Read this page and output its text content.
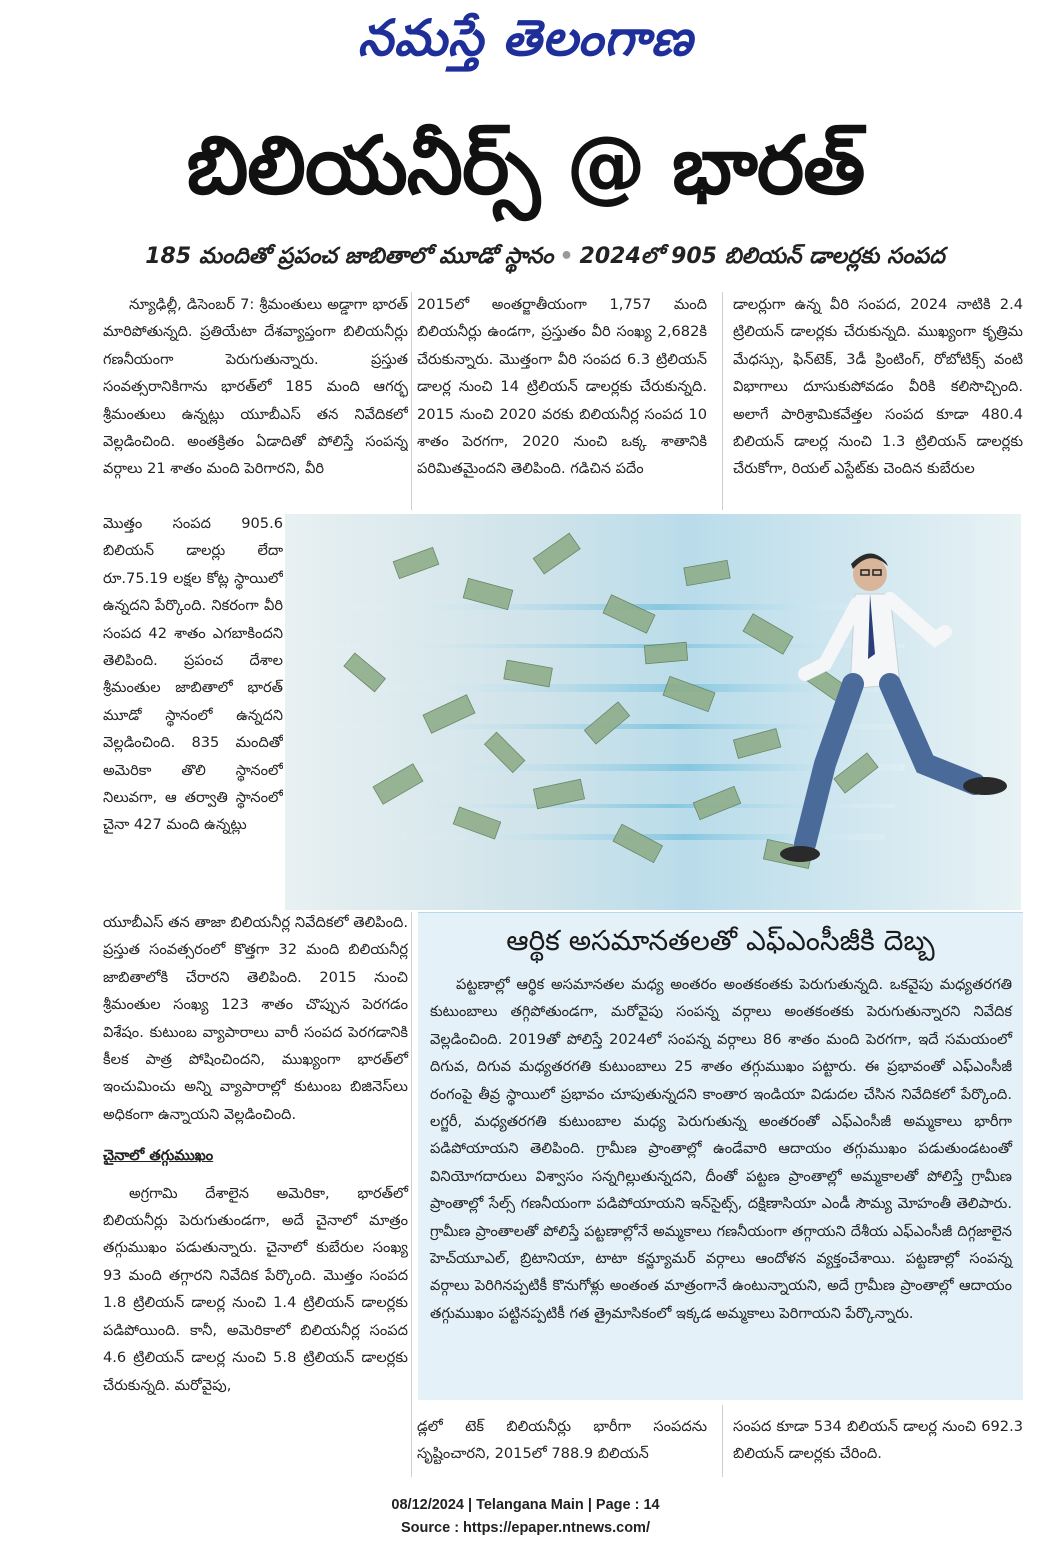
నమస్తే తెలంగాణ
బిలియనీర్స్ @ భారత్
185 మందితో ప్రపంచ జాబితాలో మూడో స్థానం • 2024లో 905 బిలియన్ డాలర్లకు సంపద
న్యూఢిల్లీ, డిసెంబర్ 7: శ్రీమంతులు అడ్డాగా భారత్ మారిపోతున్నది. ప్రతియేటా దేశవ్యాప్తంగా బిలియనీర్లు గణనీయంగా పెరుగుతున్నారు. ప్రస్తుత సంవత్సరానికిగాను భారత్‌లో 185 మంది ఆగర్భ శ్రీమంతులు ఉన్నట్లు యూబీఎస్ తన నివేదికలో వెల్లడించింది. అంతక్రితం ఏడాదితో పోలిస్తే సంపన్న వర్గాలు 21 శాతం మంది పెరిగారని, వీరి
మొత్తం సంపద 905.6 బిలియన్ డాలర్లు లేదా రూ.75.19 లక్షల కోట్ల స్థాయిలో ఉన్నదని పేర్కొంది. నికరంగా వీరి సంపద 42 శాతం ఎగబాకిందని తెలిపింది. ప్రపంచ దేశాల శ్రీమంతుల జాబితాలో భారత్ మూడో స్థానంలో ఉన్నదని వెల్లడించింది. 835 మందితో అమెరికా తొలి స్థానంలో నిలువగా, ఆ తర్వాతి స్థానంలో చైనా 427 మంది ఉన్నట్లు
యూబీఎస్ తన తాజా బిలియనీర్ల నివేదికలో తెలిపింది. ప్రస్తుత సంవత్సరంలో కొత్తగా 32 మంది బిలియనీర్ల జాబితాలోకి చేరారని తెలిపింది. 2015 నుంచి శ్రీమంతుల సంఖ్య 123 శాతం చొప్పున పెరగడం విశేషం. కుటుంబ వ్యాపారాలు వారీ సంపద పెరగడానికి కీలక పాత్ర పోషించిందని, ముఖ్యంగా భారత్‌లో ఇంచుమించు అన్ని వ్యాపారాల్లో కుటుంబ బిజినెస్‌లు అధికంగా ఉన్నాయని వెల్లడించింది.
చైనాలో తగ్గుముఖం
అగ్రగామి దేశాలైన అమెరికా, భారత్‌లో బిలియనీర్లు పెరుగుతుండగా, అదే చైనాలో మాత్రం తగ్గుముఖం పడుతున్నారు. చైనాలో కుబేరుల సంఖ్య 93 మంది తగ్గారని నివేదిక పేర్కొంది. మొత్తం సంపద 1.8 ట్రిలియన్ డాలర్ల నుంచి 1.4 ట్రిలియన్ డాలర్లకు పడిపోయింది. కానీ, అమెరికాలో బిలియనీర్ల సంపద 4.6 ట్రిలియన్ డాలర్ల నుంచి 5.8 ట్రిలియన్ డాలర్లకు చేరుకున్నది. మరోవైపు,
2015లో అంతర్జాతీయంగా 1,757 మంది బిలియనీర్లు ఉండగా, ప్రస్తుతం వీరి సంఖ్య 2,682కి చేరుకున్నారు. మొత్తంగా వీరి సంపద 6.3 ట్రిలియన్ డాలర్ల నుంచి 14 ట్రిలియన్ డాలర్లకు చేరుకున్నది. 2015 నుంచి 2020 వరకు బిలియనీర్ల సంపద 10 శాతం పెరగగా, 2020 నుంచి ఒక్క శాతానికి పరిమితమైందని తెలిపింది. గడిచిన పదేం
డాలర్లుగా ఉన్న వీరి సంపద, 2024 నాటికి 2.4 ట్రిలియన్ డాలర్లకు చేరుకున్నది. ముఖ్యంగా కృత్రిమ మేధస్సు, ఫిన్‌టెక్, 3డీ ప్రింటింగ్, రోబోటిక్స్ వంటి విభాగాలు దూసుకుపోవడం వీరికి కలిసొచ్చింది. అలాగే పారిశ్రామికవేత్తల సంపద కూడా 480.4 బిలియన్ డాలర్ల నుంచి 1.3 ట్రిలియన్ డాలర్లకు చేరుకోగా, రియల్ ఎస్టేట్‌కు చెందిన కుబేరుల
ఆర్థిక అసమానతలతో ఎఫ్ఎంసీజీకి దెబ్బ
పట్టణాల్లో ఆర్థిక అసమానతల మధ్య అంతరం అంతకంతకు పెరుగుతున్నది. ఒకవైపు మధ్యతరగతి కుటుంబాలు తగ్గిపోతుండగా, మరోవైపు సంపన్న వర్గాలు అంతకంతకు పెరుగుతున్నారని నివేదిక వెల్లడించింది. 2019తో పోలిస్తే 2024లో సంపన్న వర్గాలు 86 శాతం మంది పెరగగా, ఇదే సమయంలో దిగువ, దిగువ మధ్యతరగతి కుటుంబాలు 25 శాతం తగ్గుముఖం పట్టారు. ఈ ప్రభావంతో ఎఫ్ఎంసీజీ రంగంపై తీవ్ర స్థాయిలో ప్రభావం చూపుతున్నదని కాంతార ఇండియా విడుదల చేసిన నివేదికలో పేర్కొంది. లగ్జరీ, మధ్యతరగతి కుటుంబాల మధ్య పెరుగుతున్న అంతరంతో ఎఫ్ఎంసీజీ అమ్మకాలు భారీగా పడిపోయాయని తెలిపింది. గ్రామీణ ప్రాంతాల్లో ఉండేవారి ఆదాయం తగ్గుముఖం పడుతుండటంతో వినియోగదారులు విశ్వాసం సన్నగిల్లుతున్నదని, దీంతో పట్టణ ప్రాంతాల్లో అమ్మకాలతో పోలిస్తే గ్రామీణ ప్రాంతాల్లో సేల్స్ గణనీయంగా పడిపోయాయని ఇన్‌సైట్స్, దక్షిణాసియా ఎండీ సౌమ్య మోహంతీ తెలిపారు. గ్రామీణ ప్రాంతాలతో పోలిస్తే పట్టణాల్లోనే అమ్మకాలు గణనీయంగా తగ్గాయని దేశీయ ఎఫ్ఎంసీజీ దిగ్గజాలైన హెచ్‌యూఎల్, బ్రిటానియా, టాటా కన్జ్యూమర్ వర్గాలు ఆందోళన వ్యక్తంచేశాయి. పట్టణాల్లో సంపన్న వర్గాలు పెరిగినప్పటికీ కొనుగోళ్లు అంతంత మాత్రంగానే ఉంటున్నాయని, అదే గ్రామీణ ప్రాంతాల్లో ఆదాయం తగ్గుముఖం పట్టినప్పటికీ గత త్రైమాసికంలో ఇక్కడ అమ్మకాలు పెరిగాయని పేర్కొన్నారు.
డ్లలో టెక్ బిలియనీర్లు భారీగా సంపదను సృష్టించారని, 2015లో 788.9 బిలియన్
సంపద కూడా 534 బిలియన్ డాలర్ల నుంచి 692.3 బిలియన్ డాలర్లకు చేరింది.
08/12/2024 | Telangana Main | Page : 14
Source : https://epaper.ntnews.com/
